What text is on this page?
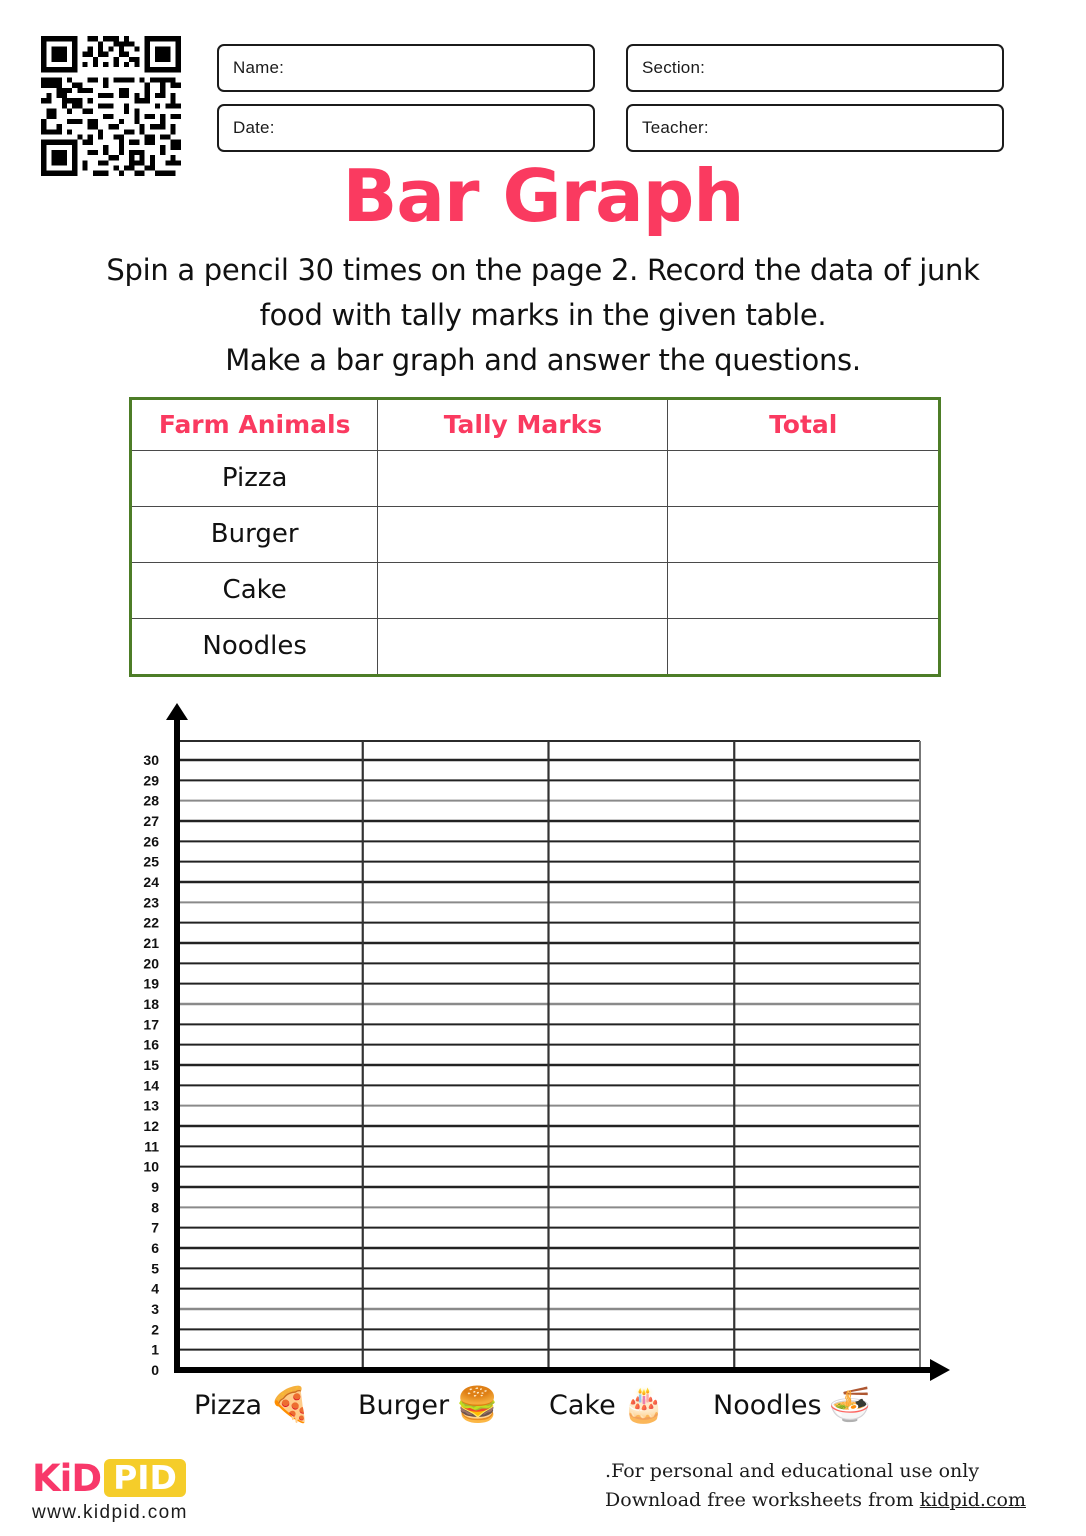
Name:	Section:
Date:	Teacher:
Bar Graph
Spin a pencil 30 times on the page 2. Record the data of junk
food with tally marks in the given table.
Make a bar graph and answer the questions.
Farm Animals	Tally Marks	Total
Pizza		
Burger		
Cake		
Noodles		
30
29
28
27
26
25
24
23
22
21
20
19
18
17
16
15
14
13
12
11
10
9
8
7
6
5
4
3
2
1
0
Pizza 🍕 Burger 🍔 Cake 🎂 Noodles 🍜
KiD PID
www.kidpid.com
.For personal and educational use only
Download free worksheets from kidpid.com
